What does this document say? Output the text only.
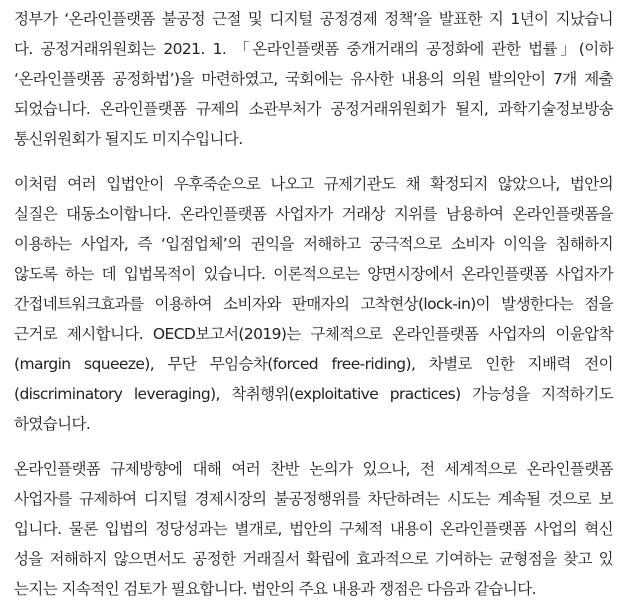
정부가 ‘온라인플랫폼 불공정 근절 및 디지털 공정경제 정책’을 발표한 지 1년이 지났습니
다. 공정거래위원회는 2021. 1. 「온라인플랫폼 중개거래의 공정화에 관한 법률」(이하
‘온라인플랫폼 공정화법’)을 마련하였고, 국회에는 유사한 내용의 의원 발의안이 7개 제출
되었습니다. 온라인플랫폼 규제의 소관부처가 공정거래위원회가 될지, 과학기술정보방송
통신위원회가 될지도 미지수입니다.

이처럼 여러 입법안이 우후죽순으로 나오고 규제기관도 채 확정되지 않았으나, 법안의
실질은 대동소이합니다. 온라인플랫폼 사업자가 거래상 지위를 남용하여 온라인플랫폼을
이용하는 사업자, 즉 ‘입점업체’의 권익을 저해하고 궁극적으로 소비자 이익을 침해하지
않도록 하는 데 입법목적이 있습니다. 이론적으로는 양면시장에서 온라인플랫폼 사업자가
간접네트워크효과를 이용하여 소비자와 판매자의 고착현상(lock-in)이 발생한다는 점을
근거로 제시합니다. OECD보고서(2019)는 구체적으로 온라인플랫폼 사업자의 이윤압착
(margin squeeze), 무단 무임승차(forced free-riding), 차별로 인한 지배력 전이
(discriminatory leveraging), 착취행위(exploitative practices) 가능성을 지적하기도
하였습니다.

온라인플랫폼 규제방향에 대해 여러 찬반 논의가 있으나, 전 세계적으로 온라인플랫폼
사업자를 규제하여 디지털 경제시장의 불공정행위를 차단하려는 시도는 계속될 것으로 보
입니다. 물론 입법의 정당성과는 별개로, 법안의 구체적 내용이 온라인플랫폼 사업의 혁신
성을 저해하지 않으면서도 공정한 거래질서 확립에 효과적으로 기여하는 균형점을 찾고 있
는지는 지속적인 검토가 필요합니다. 법안의 주요 내용과 쟁점은 다음과 같습니다.
